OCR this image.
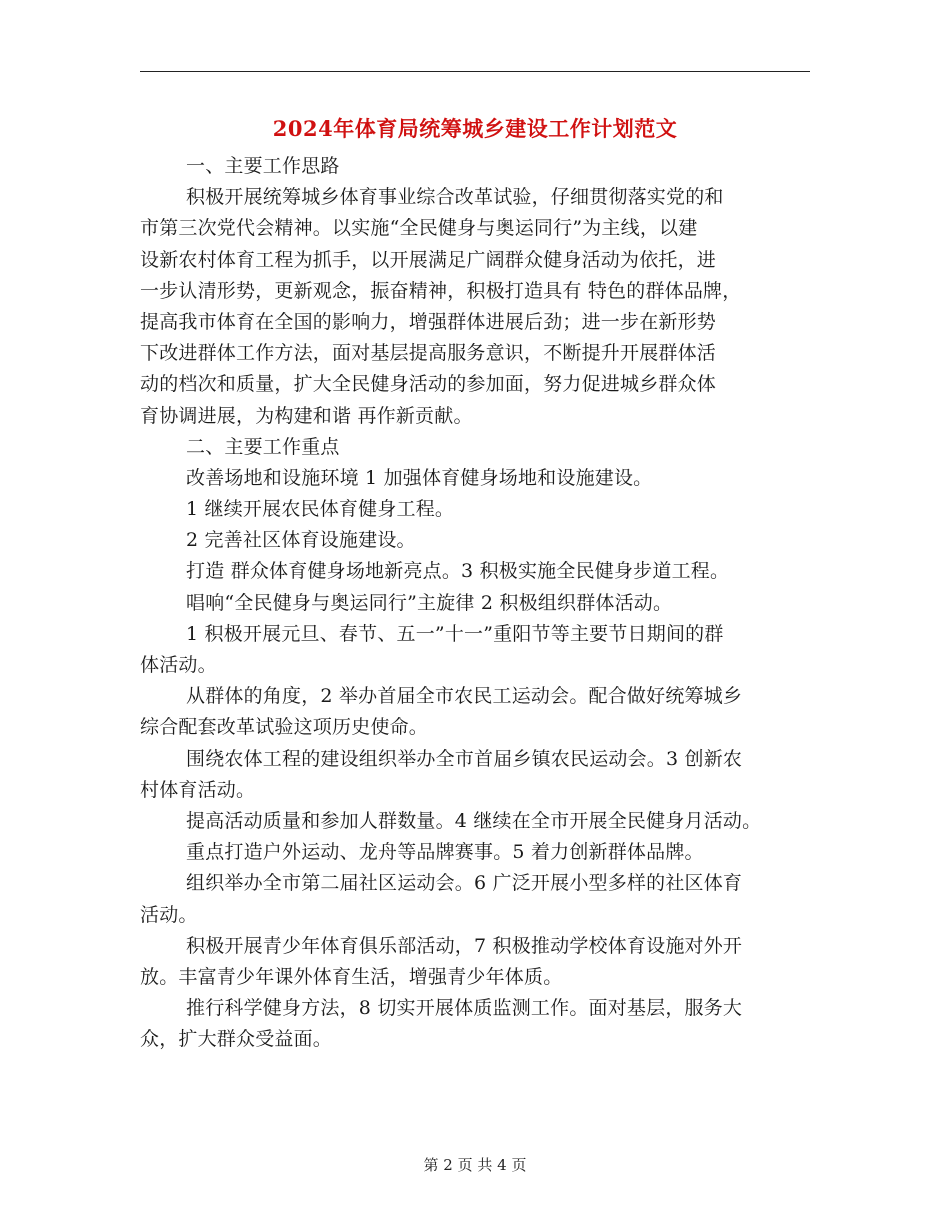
2024年体育局统筹城乡建设工作计划范文
一、主要工作思路
积极开展统筹城乡体育事业综合改革试验，仔细贯彻落实党的和
市第三次党代会精神。以实施“全民健身与奥运同行”为主线，以建
设新农村体育工程为抓手，以开展满足广阔群众健身活动为依托，进
一步认清形势，更新观念，振奋精神，积极打造具有 特色的群体品牌，
提高我市体育在全国的影响力，增强群体进展后劲；进一步在新形势
下改进群体工作方法，面对基层提高服务意识，不断提升开展群体活
动的档次和质量，扩大全民健身活动的参加面，努力促进城乡群众体
育协调进展，为构建和谐 再作新贡献。
二、主要工作重点
改善场地和设施环境 1 加强体育健身场地和设施建设。
1 继续开展农民体育健身工程。
2 完善社区体育设施建设。
打造 群众体育健身场地新亮点。3 积极实施全民健身步道工程。
唱响“全民健身与奥运同行”主旋律 2 积极组织群体活动。
1 积极开展元旦、春节、五一”十一”重阳节等主要节日期间的群
体活动。
从群体的角度，2 举办首届全市农民工运动会。配合做好统筹城乡
综合配套改革试验这项历史使命。
围绕农体工程的建设组织举办全市首届乡镇农民运动会。3 创新农
村体育活动。
提高活动质量和参加人群数量。4 继续在全市开展全民健身月活动。
重点打造户外运动、龙舟等品牌赛事。5 着力创新群体品牌。
组织举办全市第二届社区运动会。6 广泛开展小型多样的社区体育
活动。
积极开展青少年体育俱乐部活动，7 积极推动学校体育设施对外开
放。丰富青少年课外体育生活，增强青少年体质。
推行科学健身方法，8 切实开展体质监测工作。面对基层，服务大
众，扩大群众受益面。
第 2 页 共 4 页
